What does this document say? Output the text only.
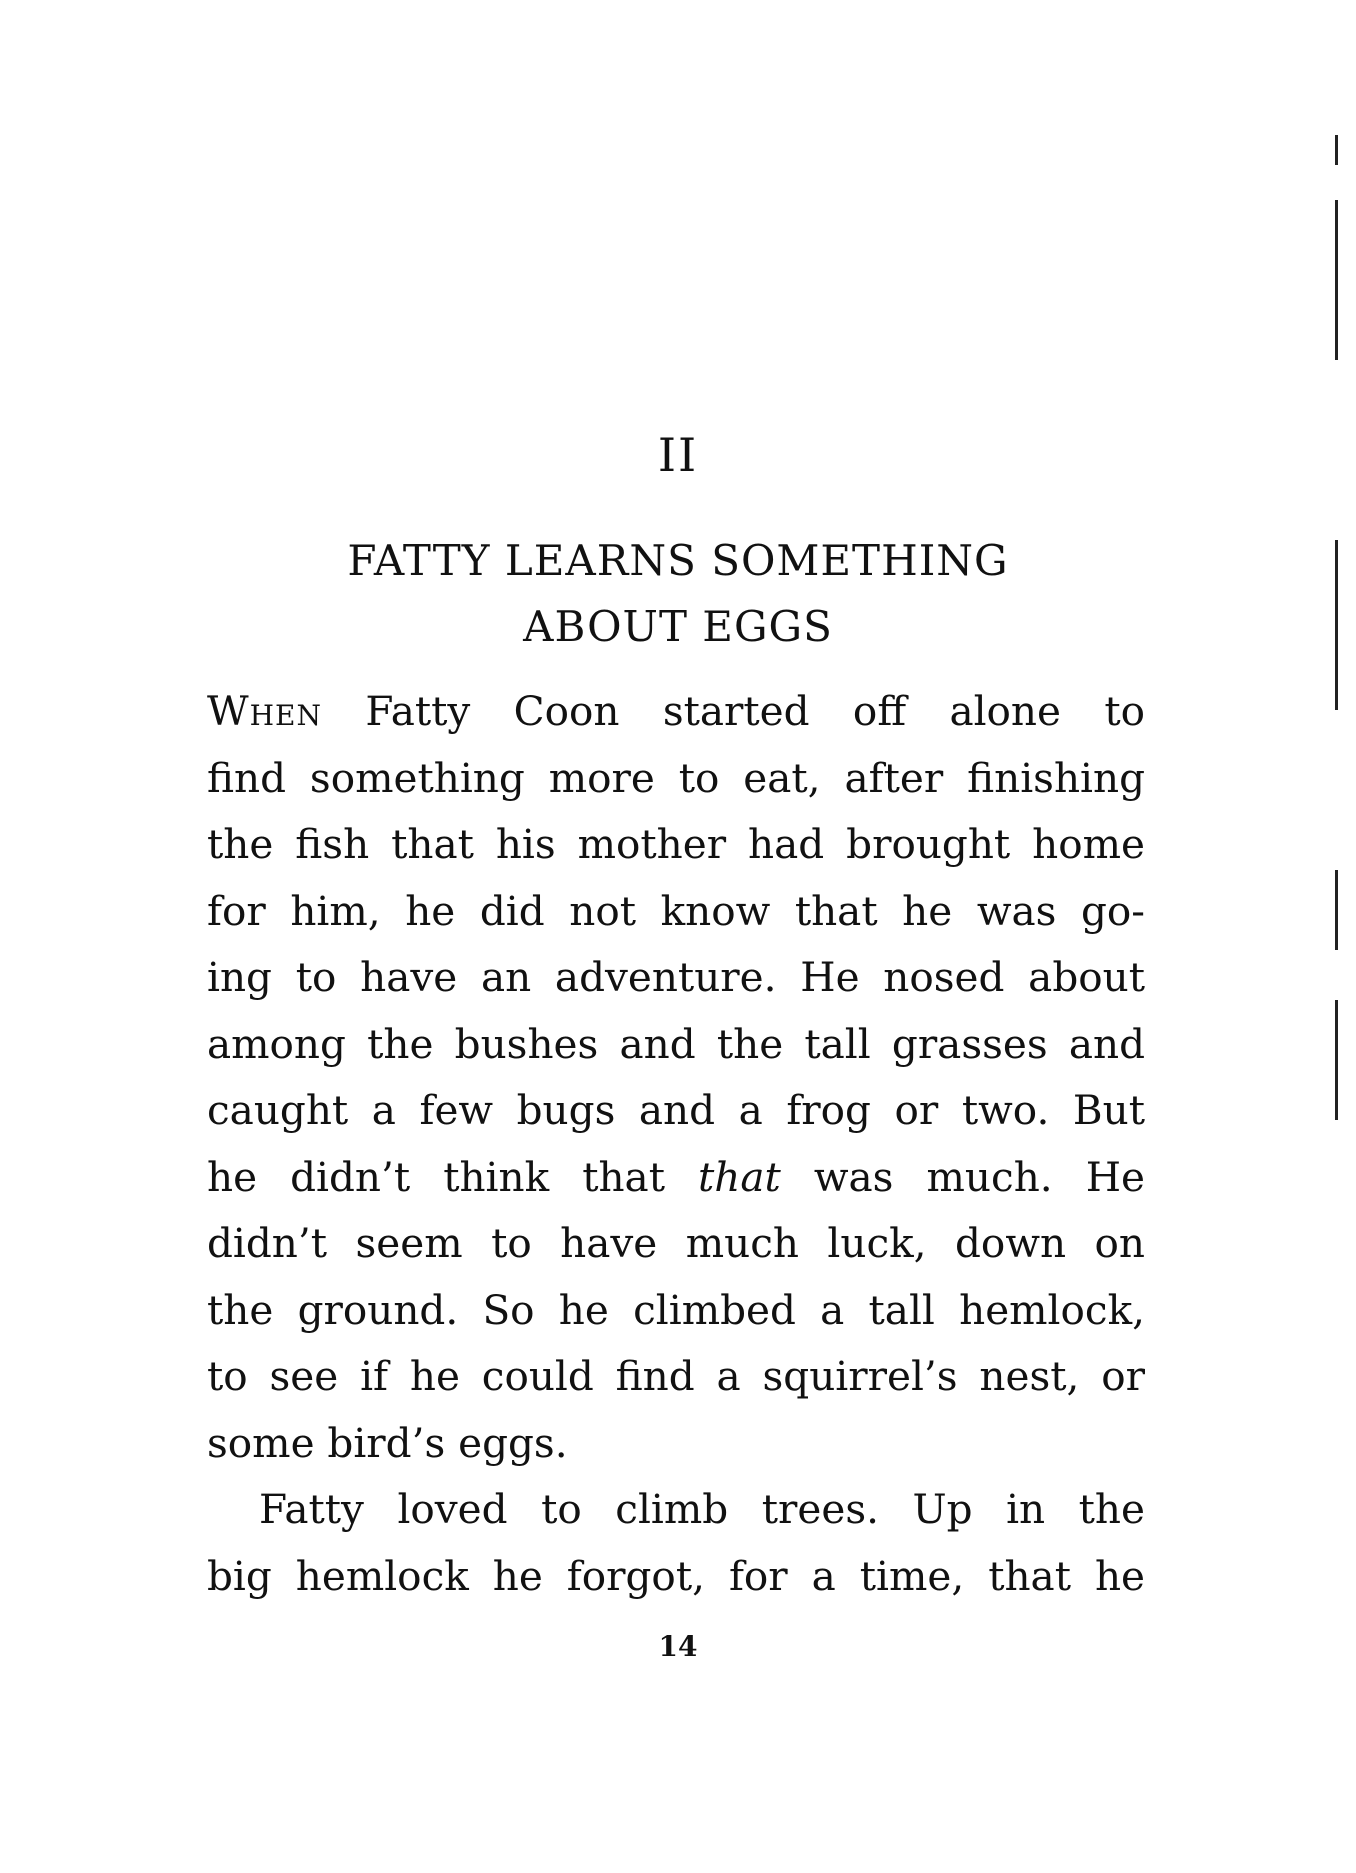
II
FATTY LEARNS SOMETHING
ABOUT EGGS
When Fatty Coon started off alone to
find something more to eat, after finishing
the fish that his mother had brought home
for him, he did not know that he was go-
ing to have an adventure. He nosed about
among the bushes and the tall grasses and
caught a few bugs and a frog or two. But
he didn’t think that that was much. He
didn’t seem to have much luck, down on
the ground. So he climbed a tall hemlock,
to see if he could find a squirrel’s nest, or
some bird’s eggs.
Fatty loved to climb trees. Up in the
big hemlock he forgot, for a time, that he
14
